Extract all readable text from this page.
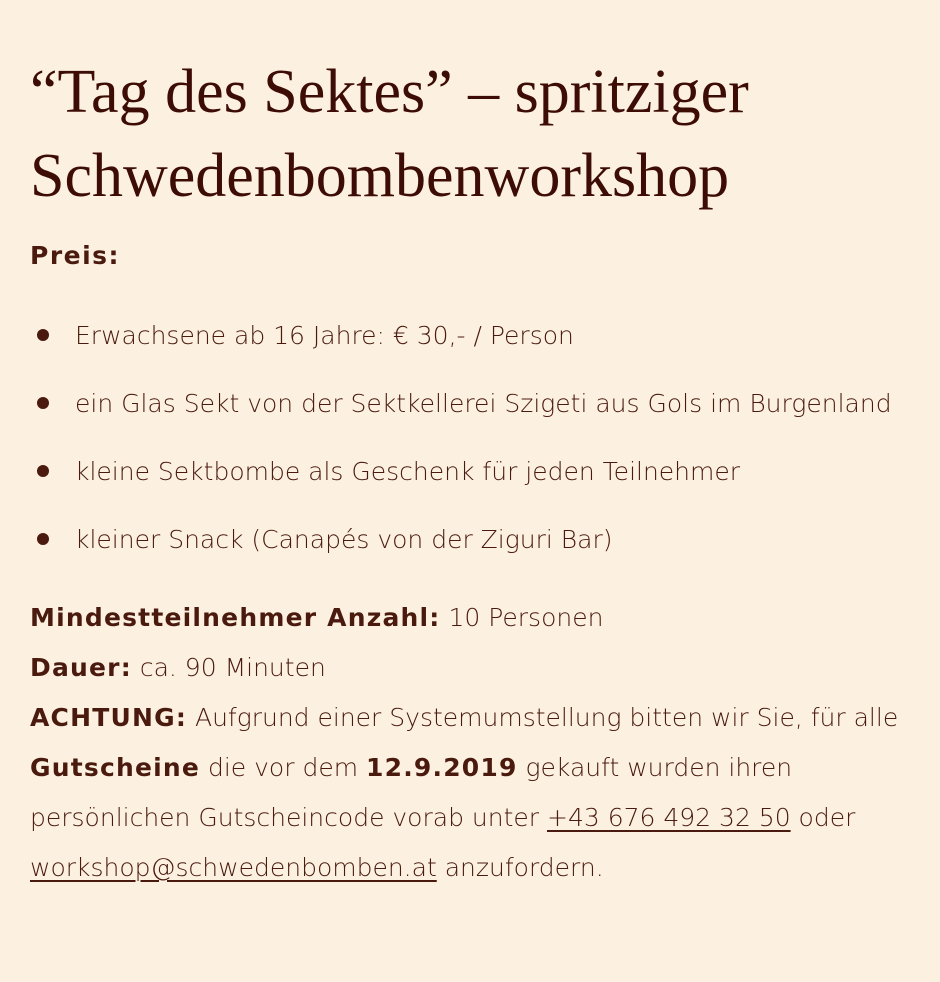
“Tag des Sektes” – spritziger
Schwedenbombenworkshop

Preis:

Erwachsene ab 16 Jahre: € 30,- / Person
ein Glas Sekt von der Sektkellerei Szigeti aus Gols im Burgenland
kleine Sektbombe als Geschenk für jeden Teilnehmer
kleiner Snack (Canapés von der Ziguri Bar)

Mindestteilnehmer Anzahl: 10 Personen

Dauer: ca. 90 Minuten

ACHTUNG: Aufgrund einer Systemumstellung bitten wir Sie, für alle Gutscheine die vor dem 12.9.2019 gekauft wurden ihren persönlichen Gutscheincode vorab unter +43 676 492 32 50 oder workshop@schwedenbomben.at anzufordern.
